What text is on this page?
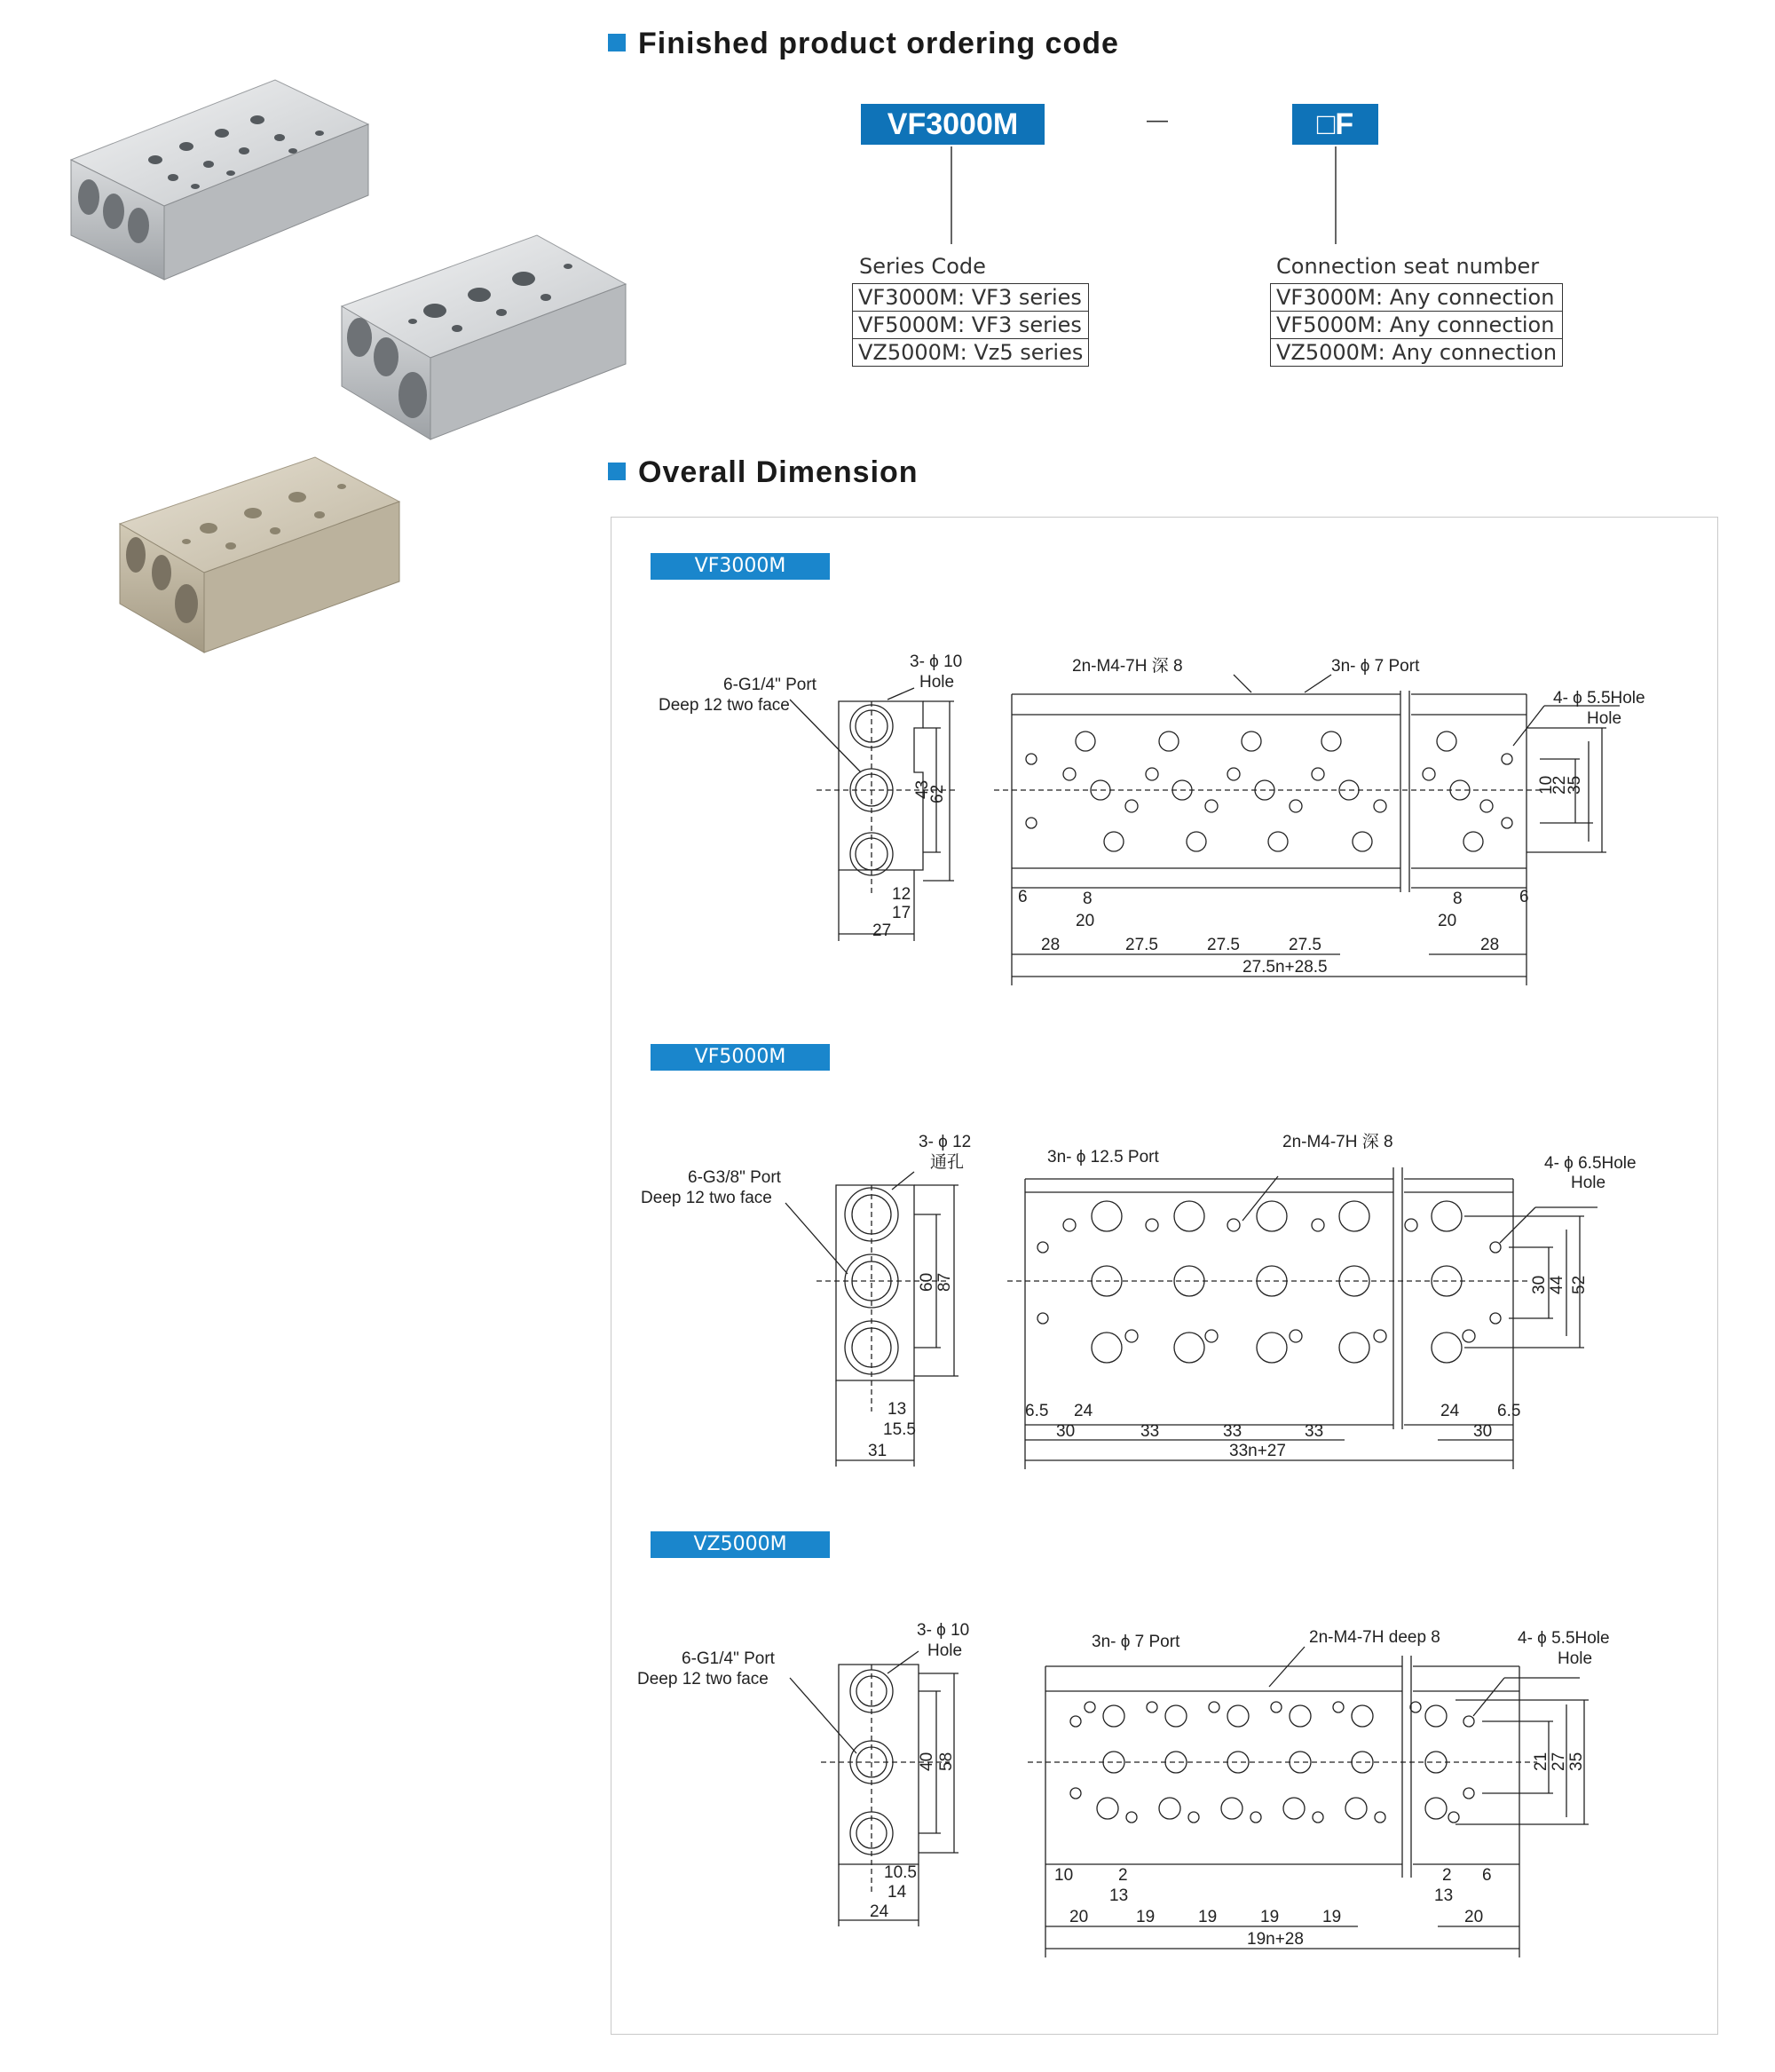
Finished product ordering code
VF3000M	—	□F
Series Code
VF3000M: VF3 series
VF5000M: VF3 series
VZ5000M: Vz5 series
Connection seat number
VF3000M: Any connection
VF5000M: Any connection
VZ5000M: Any connection
Overall Dimension
VF3000M
VF5000M
VZ5000M
6-G1/4" Port
Deep 12 two face
3- ϕ 10
Hole
43
62
12
17
27
2n-M4-7H 深 8	3n- ϕ 7 Port
4- ϕ 5.5Hole
Hole
10
22
35
6	8
20
28	27.5	27.5	27.5
8	6
20
28
27.5n+28.5
6-G3/8" Port
Deep 12 two face
3- ϕ 12
通孔
60 87
13
15.5
31
3n- ϕ 12.5 Port
2n-M4-7H 深 8
4- ϕ 6.5Hole
Hole
30 44 52
6.5 24
30	33	33	33
24 6.5
30
33n+27
6-G1/4" Port
Deep 12 two face
3- ϕ 10
Hole
40 58
10.5
14
24
3n- ϕ 7 Port	2n-M4-7H deep 8	4- ϕ 5.5Hole
Hole
21 27 35
10	2
13
20	19	19	19	19
2 6
13
20
19n+28
